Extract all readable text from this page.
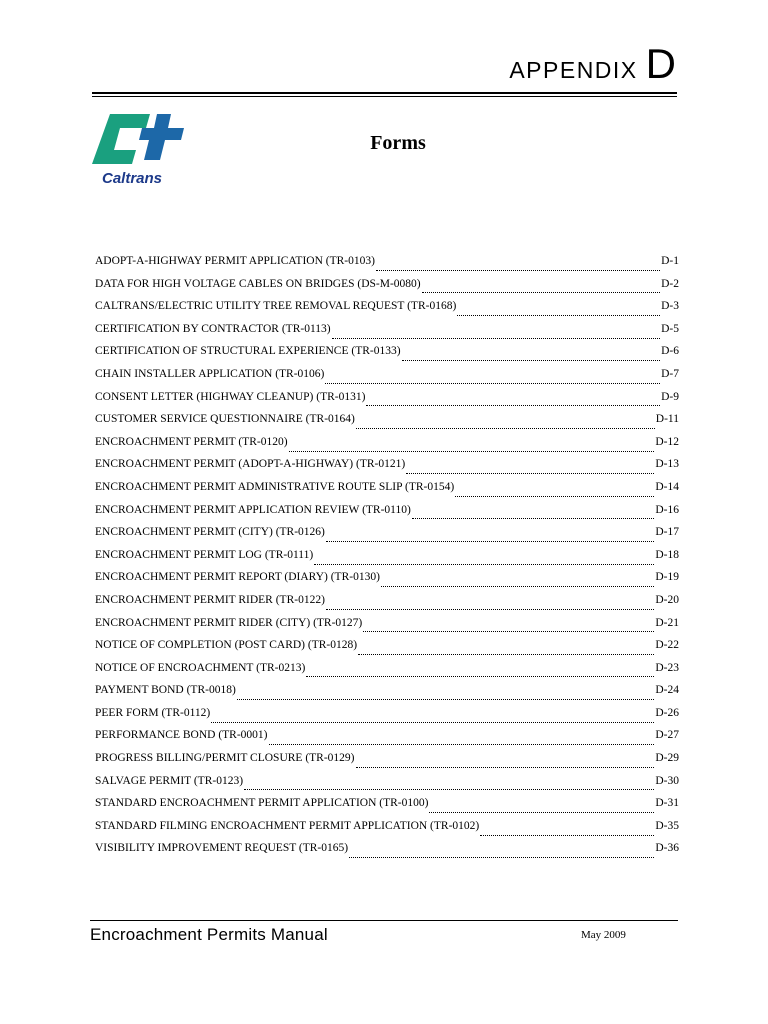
APPENDIX D
Caltrans
Forms
ADOPT-A-HIGHWAY PERMIT APPLICATION (TR-0103)	D-1
DATA FOR HIGH VOLTAGE CABLES ON BRIDGES (DS-M-0080)	D-2
CALTRANS/ELECTRIC UTILITY TREE REMOVAL REQUEST (TR-0168)	D-3
CERTIFICATION BY CONTRACTOR (TR-0113)	D-5
CERTIFICATION OF STRUCTURAL EXPERIENCE (TR-0133)	D-6
CHAIN INSTALLER APPLICATION (TR-0106)	D-7
CONSENT LETTER (HIGHWAY CLEANUP) (TR-0131)	D-9
CUSTOMER SERVICE QUESTIONNAIRE (TR-0164)	D-11
ENCROACHMENT PERMIT (TR-0120)	D-12
ENCROACHMENT PERMIT (ADOPT-A-HIGHWAY) (TR-0121)	D-13
ENCROACHMENT PERMIT ADMINISTRATIVE ROUTE SLIP (TR-0154)	D-14
ENCROACHMENT PERMIT APPLICATION REVIEW (TR-0110)	D-16
ENCROACHMENT PERMIT (CITY) (TR-0126)	D-17
ENCROACHMENT PERMIT LOG (TR-0111)	D-18
ENCROACHMENT PERMIT REPORT (DIARY) (TR-0130)	D-19
ENCROACHMENT PERMIT RIDER (TR-0122)	D-20
ENCROACHMENT PERMIT RIDER (CITY) (TR-0127)	D-21
NOTICE OF COMPLETION (POST CARD) (TR-0128)	D-22
NOTICE OF ENCROACHMENT (TR-0213)	D-23
PAYMENT BOND (TR-0018)	D-24
PEER FORM (TR-0112)	D-26
PERFORMANCE BOND (TR-0001)	D-27
PROGRESS BILLING/PERMIT CLOSURE (TR-0129)	D-29
SALVAGE PERMIT (TR-0123)	D-30
STANDARD ENCROACHMENT PERMIT APPLICATION (TR-0100)	D-31
STANDARD FILMING ENCROACHMENT PERMIT APPLICATION (TR-0102)	D-35
VISIBILITY IMPROVEMENT REQUEST (TR-0165)	D-36
Encroachment Permits Manual	May 2009
